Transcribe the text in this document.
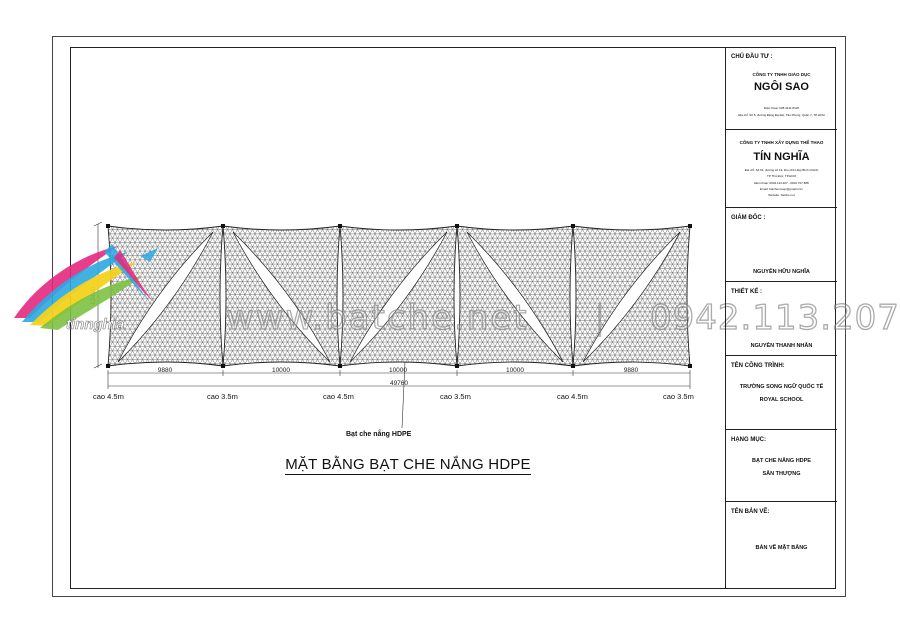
9880	10000	10000	10000	9880
49760
tinnghia	www.batche.net | 0942.113.207
cao 4.5m	cao 3.5m	cao 4.5m	cao 3.5m	cao 4.5m	cao 3.5m
Bạt che nắng HDPE
MẶT BẰNG BẠT CHE NẮNG HDPE
CHỦ ĐẦU TƯ :
CÔNG TY TNHH GIÁO DỤC
NGÔI SAO
Điện thoại: 028.3411.8118
Địa chỉ: Số 8, đường Đặng Đại Độ, Tân Phong, Quận 7, TP.HCM
CÔNG TY TNHH XÂY DỰNG THỂ THAO
TÍN NGHĨA
Địa chỉ: Số 91, đường số 19, khu phố Hiệp Bình Chánh
TP Thủ Đức, TP.HCM
Điện thoại: 0942.113.207 - 0919 707 888
Email: batchecoxep@gmail.com
Website: batche.net
GIÁM ĐỐC :
NGUYỄN HỮU NGHĨA
THIẾT KẾ :
NGUYỄN THANH NHÂN
TÊN CÔNG TRÌNH:
TRƯỜNG SONG NGỮ QUỐC TẾ
ROYAL SCHOOL
HẠNG MỤC:
BẠT CHE NẮNG HDPE
SÂN THƯỢNG
TÊN BẢN VẼ:
BẢN VẼ MẶT BẰNG
